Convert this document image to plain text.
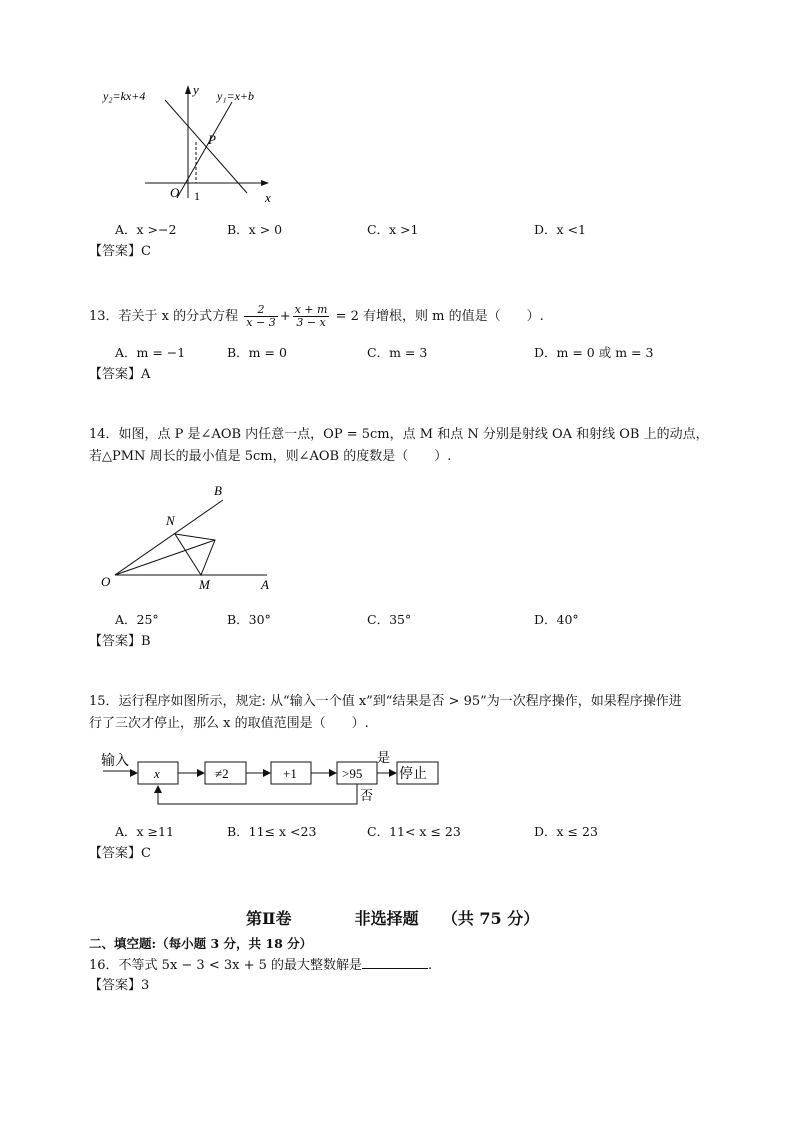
y₂=kx+4	y₁=x+b
y
x
O
P
1
A．x >−2	B．x > 0	C．x >1	D．x <1
【答案】C
13．若关于 x 的分式方程 $\frac{2}{x - 3} + \frac{x + m}{3 - x} = 2$ 有增根，则 m 的值是（　　）.
A．m = −1	B．m = 0	C．m = 3	D．m = 0 或 m = 3
【答案】A
14．如图，点 P 是∠AOB 内任意一点，OP = 5cm，点 M 和点 N 分别是射线 OA 和射线 OB 上的动点，
若△PMN 周长的最小值是 5cm，则∠AOB 的度数是（　　）.
O	A
B
M
N
A．25°	B．30°	C．35°	D．40°
【答案】B
15．运行程序如图所示，规定: 从“输入一个值 x”到“结果是否 > 95”为一次程序操作，如果程序操作进
行了三次才停止，那么 x 的取值范围是（　　）.
输入
x	≠2	+1	>95
是
停止
否
A．x ≥11	B．11≤ x <23	C．11< x ≤ 23	D．x ≤ 23
【答案】C
第Ⅱ卷	非选择题 （共 75 分）
二、填空题:（每小题 3 分，共 18 分）
16．不等式 5x − 3 < 3x + 5 的最大整数解是	.
【答案】3
